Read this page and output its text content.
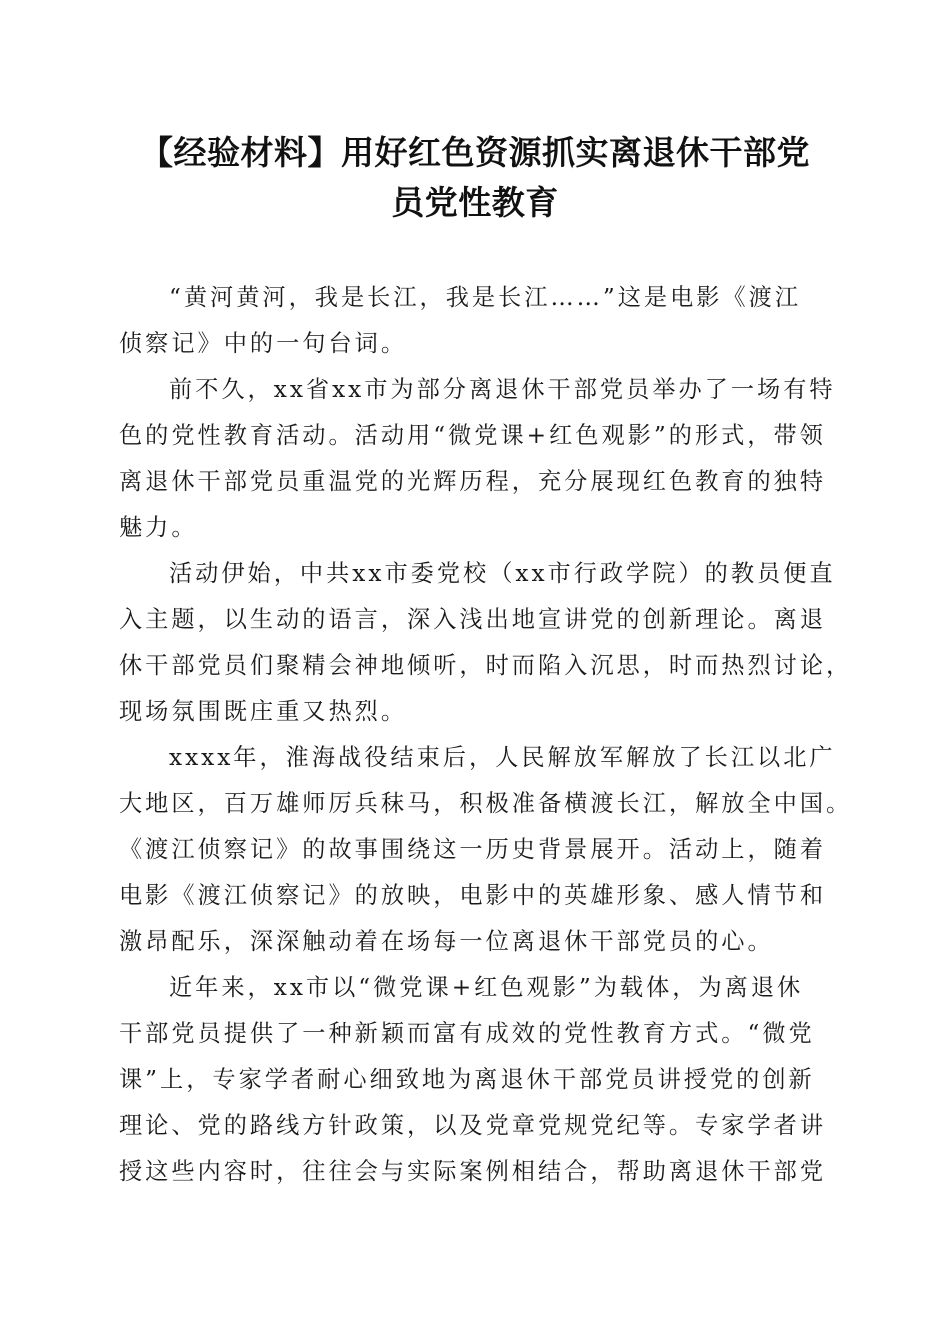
【经验材料】用好红色资源抓实离退休干部党
员党性教育
“黄河黄河，我是长江，我是长江……”这是电影《渡江
侦察记》中的一句台词。
前不久，xx省xx市为部分离退休干部党员举办了一场有特
色的党性教育活动。活动用“微党课+红色观影”的形式，带领
离退休干部党员重温党的光辉历程，充分展现红色教育的独特
魅力。
活动伊始，中共xx市委党校（xx市行政学院）的教员便直
入主题，以生动的语言，深入浅出地宣讲党的创新理论。离退
休干部党员们聚精会神地倾听，时而陷入沉思，时而热烈讨论，
现场氛围既庄重又热烈。
xxxx年，淮海战役结束后，人民解放军解放了长江以北广
大地区，百万雄师厉兵秣马，积极准备横渡长江，解放全中国。
《渡江侦察记》的故事围绕这一历史背景展开。活动上，随着
电影《渡江侦察记》的放映，电影中的英雄形象、感人情节和
激昂配乐，深深触动着在场每一位离退休干部党员的心。
近年来，xx市以“微党课+红色观影”为载体，为离退休
干部党员提供了一种新颖而富有成效的党性教育方式。“微党
课”上，专家学者耐心细致地为离退休干部党员讲授党的创新
理论、党的路线方针政策，以及党章党规党纪等。专家学者讲
授这些内容时，往往会与实际案例相结合，帮助离退休干部党
